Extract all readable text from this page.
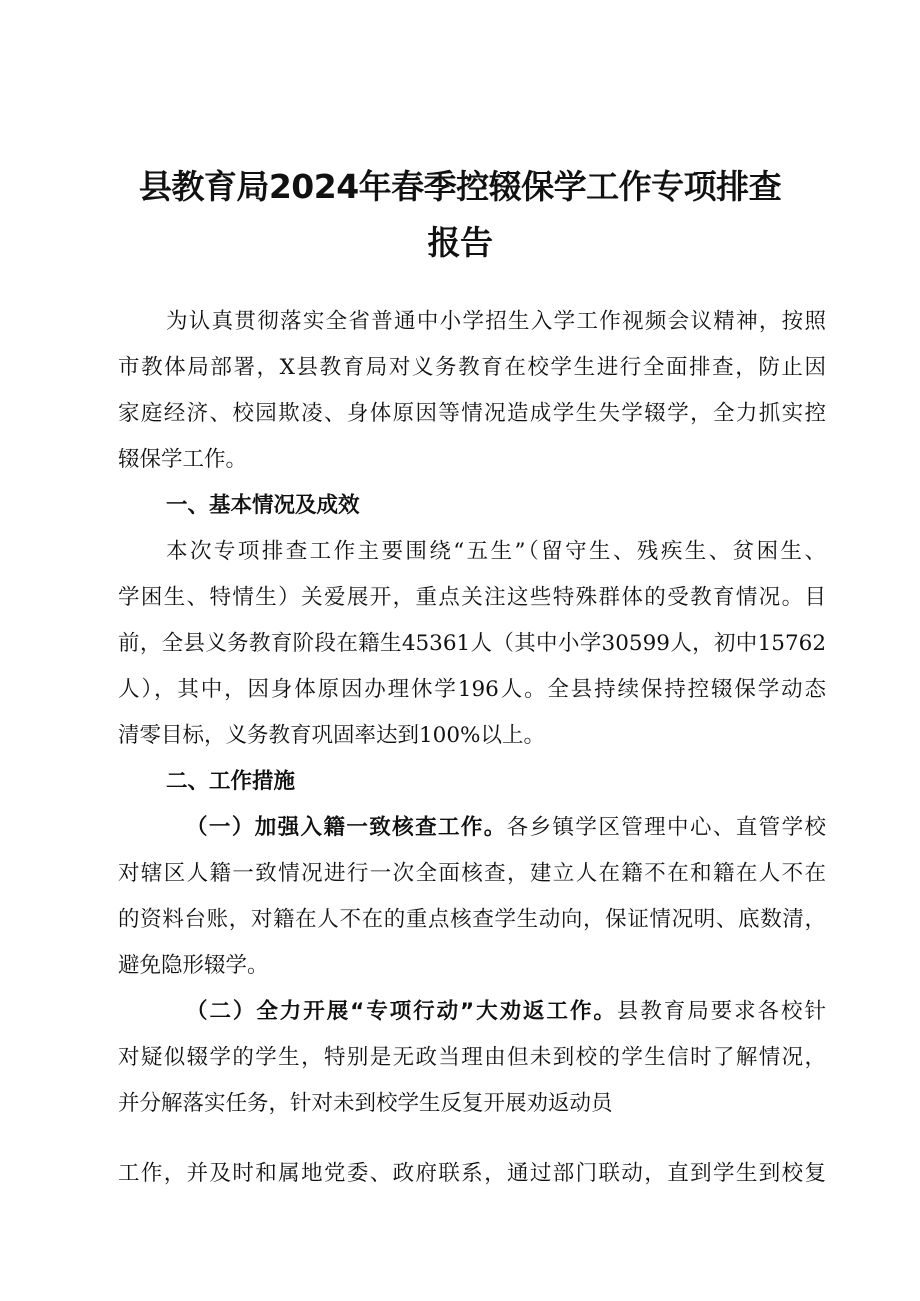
县教育局2024年春季控辍保学工作专项排查
报告
为认真贯彻落实全省普通中小学招生入学工作视频会议精神，按照
市教体局部署，X县教育局对义务教育在校学生进行全面排查，防止因
家庭经济、校园欺凌、身体原因等情况造成学生失学辍学，全力抓实控
辍保学工作。
一、基本情况及成效
本次专项排查工作主要围绕“五生”（留守生、残疾生、贫困生、
学困生、特情生）关爱展开，重点关注这些特殊群体的受教育情况。目
前，全县义务教育阶段在籍生45361人（其中小学30599人，初中15762
人），其中，因身体原因办理休学196人。全县持续保持控辍保学动态
清零目标，义务教育巩固率达到100%以上。
二、工作措施
（一）加强入籍一致核查工作。各乡镇学区管理中心、直管学校
对辖区人籍一致情况进行一次全面核查，建立人在籍不在和籍在人不在
的资料台账，对籍在人不在的重点核查学生动向，保证情况明、底数清，
避免隐形辍学。
（二）全力开展“专项行动”大劝返工作。县教育局要求各校针
对疑似辍学的学生，特别是无政当理由但未到校的学生信时了解情况，
并分解落实任务，针对未到校学生反复开展劝返动员
工作，并及时和属地党委、政府联系，通过部门联动，直到学生到校复
